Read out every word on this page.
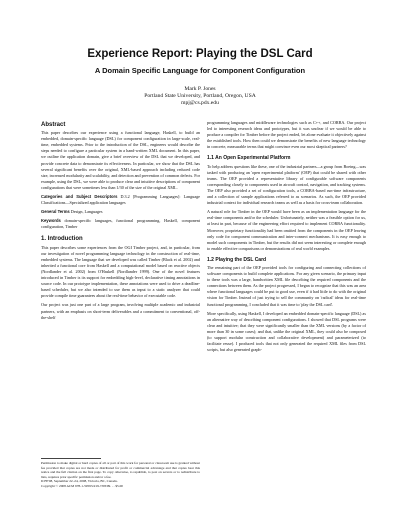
Experience Report: Playing the DSL Card
A Domain Specific Language for Component Configuration
Mark P. Jones
Portland State University, Portland, Oregon, USA
mpj@cs.pdx.edu
Abstract

This paper describes our experience using a functional language, Haskell, to build an embedded, domain-specific language (DSL) for component configuration in large-scale, real-time, embedded systems. Prior to the introduction of the DSL, engineers would describe the steps needed to configure a particular system in a hand-written XML document. In this paper, we outline the application domain, give a brief overview of the DSL that we developed, and provide concrete data to demonstrate its effectiveness. In particular, we show that the DSL has several significant benefits over the original, XML-based approach including reduced code size, increased modularity and scalability, and detection and prevention of common defects. For example, using the DSL, we were able to produce clear and intuitive descriptions of component configurations that were sometimes less than 1/30 of the size of the original XML.

Categories and Subject Descriptors D.3.2 [Programming Languages]: Language Classifications—Specialized application languages

General Terms Design, Languages

Keywords domain-specific languages, functional programming, Haskell, component configuration, Timber

1. Introduction

This paper describes some experiences from the OGI Timber project, and, in particular, from our investigation of novel programming language technology in the construction of real-time, embedded systems. The language that we developed was called Timber (Black et al. 2002) and inherited a functional core from Haskell and a computational model based on reactive objects (Nordlander et al. 2002) from O'Haskell (Nordlander 1999). One of the novel features introduced in Timber is its support for embedding high-level, declarative timing annotations in source code. In our prototype implementation, these annotations were used to drive a deadline-based scheduler, but we also intended to use them as input to a static analyzer that could provide compile time guarantees about the real-time behavior of executable code.

Our project was just one part of a large program, involving multiple academic and industrial partners, with an emphasis on short-term deliverables and a commitment to conventional, off-the-shelf

Permission to make digital or hard copies of all or part of this work for personal or classroom use is granted without fee provided that copies are not made or distributed for profit or commercial advantage and that copies bear this notice and the full citation on the first page. To copy otherwise, to republish, to post on servers or to redistribute to lists, requires prior specific permission and/or a fee.
ICFP'08, September 22–24, 2008, Victoria, BC, Canada.
Copyright © 2008 ACM 978-1-59593-919-7/08/09. . . $5.00

programming languages and middleware technologies such as C++, and CORBA. Our project led to interesting research ideas and prototypes, but it was unclear if we would be able to produce a compiler for Timber before the project ended, let alone evaluate it objectively against the established tools. How then could we demonstrate the benefits of new language technology in concrete, measurable terms that might convince even our most skeptical partners?

1.1 An Open Experimental Platform

To help address questions like these, one of the industrial partners—a group from Boeing—was tasked with producing an 'open experimental platform' (OEP) that could be shared with other teams. The OEP provided a representative library of configurable software components corresponding closely to components used in aircraft control, navigation, and tracking systems. The OEP also provided a set of configuration tools, a CORBA-based run-time infrastructure, and a collection of sample applications referred to as scenarios. As such, the OEP provided industrial context for individual research teams as well as a basis for cross-team collaboration.

A natural role for Timber in the OEP would have been as an implementation language for the real-time components and/or the scheduler. Unfortunately, neither was a feasible option for us, at least in part, because of the engineering effort required to implement CORBA functionality. Moreover, proprietary functionality had been omitted from the components in the OEP leaving only code for component communication and inter-connect mechanisms. It is easy enough to model such components in Timber, but the results did not seem interesting or complete enough to enable effective comparisons or demonstrations of real world examples.

1.2 Playing the DSL Card

The remaining part of the OEP provided tools for configuring and connecting collections of software components to build complete applications. For any given scenario, the primary input to these tools was a large, handwritten XML file describing the required components and the connections between them. As the project progressed, I began to recognize that this was an area where functional languages could be put to good use, even if it had little to do with the original vision for Timber. Instead of just trying to sell the community on 'radical' ideas for real-time functional programming, I concluded that it was time to 'play the DSL card'.

More specifically, using Haskell, I developed an embedded domain-specific language (DSL) as an alternative way of describing component configurations. I showed that DSL programs were clear and intuitive; that they were significantly smaller than the XML versions (by a factor of more than 30 in some cases); and that, unlike the original XML, they could also be composed (to support modular construction and collaborative development) and parameterized (to facilitate reuse). I produced tools that not only generated the required XML files from DSL scripts, but also generated graph-
